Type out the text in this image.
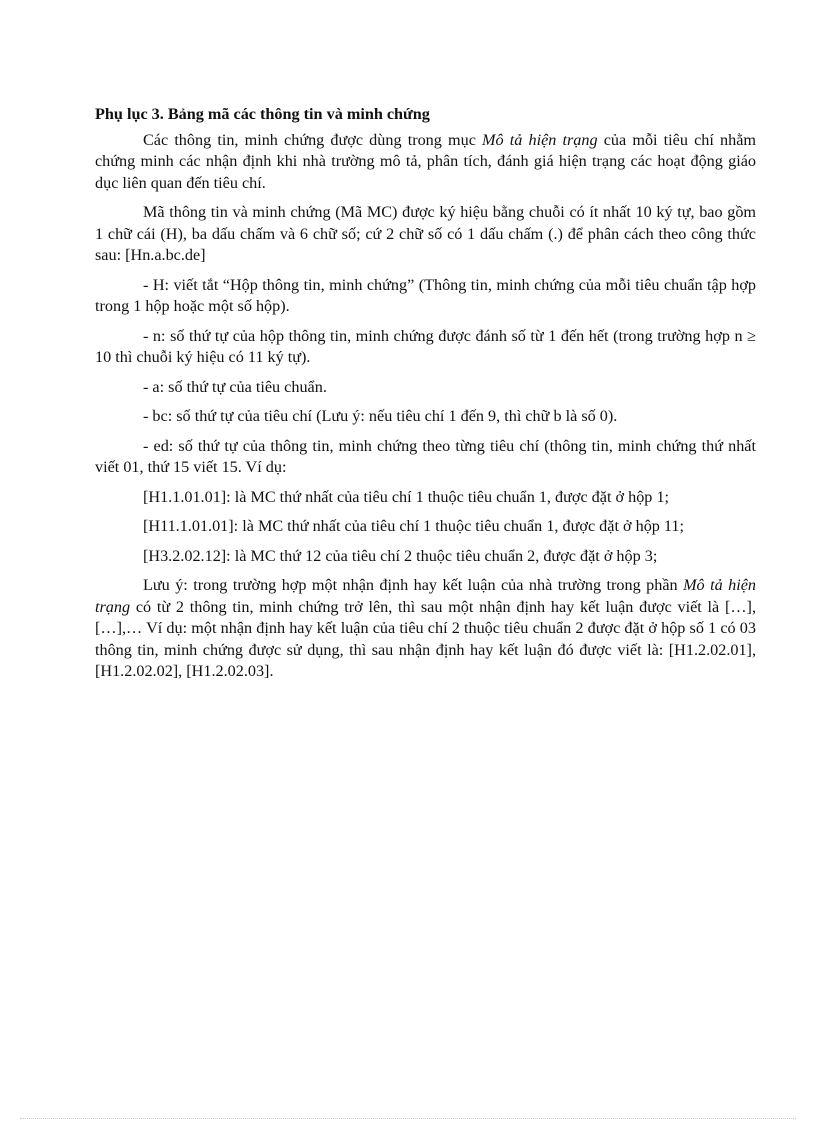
Phụ lục 3. Bảng mã các thông tin và minh chứng

Các thông tin, minh chứng được dùng trong mục Mô tả hiện trạng của mỗi tiêu chí nhằm chứng minh các nhận định khi nhà trường mô tả, phân tích, đánh giá hiện trạng các hoạt động giáo dục liên quan đến tiêu chí.

Mã thông tin và minh chứng (Mã MC) được ký hiệu bằng chuỗi có ít nhất 10 ký tự, bao gồm 1 chữ cái (H), ba dấu chấm và 6 chữ số; cứ 2 chữ số có 1 dấu chấm (.) để phân cách theo công thức sau: [Hn.a.bc.de]

- H: viết tắt “Hộp thông tin, minh chứng” (Thông tin, minh chứng của mỗi tiêu chuẩn tập hợp trong 1 hộp hoặc một số hộp).

- n: số thứ tự của hộp thông tin, minh chứng được đánh số từ 1 đến hết (trong trường hợp n ≥ 10 thì chuỗi ký hiệu có 11 ký tự).

- a: số thứ tự của tiêu chuẩn.

- bc: số thứ tự của tiêu chí (Lưu ý: nếu tiêu chí 1 đến 9, thì chữ b là số 0).

- ed: số thứ tự của thông tin, minh chứng theo từng tiêu chí (thông tin, minh chứng thứ nhất viết 01, thứ 15 viết 15. Ví dụ:

[H1.1.01.01]: là MC thứ nhất của tiêu chí 1 thuộc tiêu chuẩn 1, được đặt ở hộp 1;

[H11.1.01.01]: là MC thứ nhất của tiêu chí 1 thuộc tiêu chuẩn 1, được đặt ở hộp 11;

[H3.2.02.12]: là MC thứ 12 của tiêu chí 2 thuộc tiêu chuẩn 2, được đặt ở hộp 3;

Lưu ý: trong trường hợp một nhận định hay kết luận của nhà trường trong phần Mô tả hiện trạng có từ 2 thông tin, minh chứng trở lên, thì sau một nhận định hay kết luận được viết là […], […],… Ví dụ: một nhận định hay kết luận của tiêu chí 2 thuộc tiêu chuẩn 2 được đặt ở hộp số 1 có 03 thông tin, minh chứng được sử dụng, thì sau nhận định hay kết luận đó được viết là: [H1.2.02.01], [H1.2.02.02], [H1.2.02.03].
